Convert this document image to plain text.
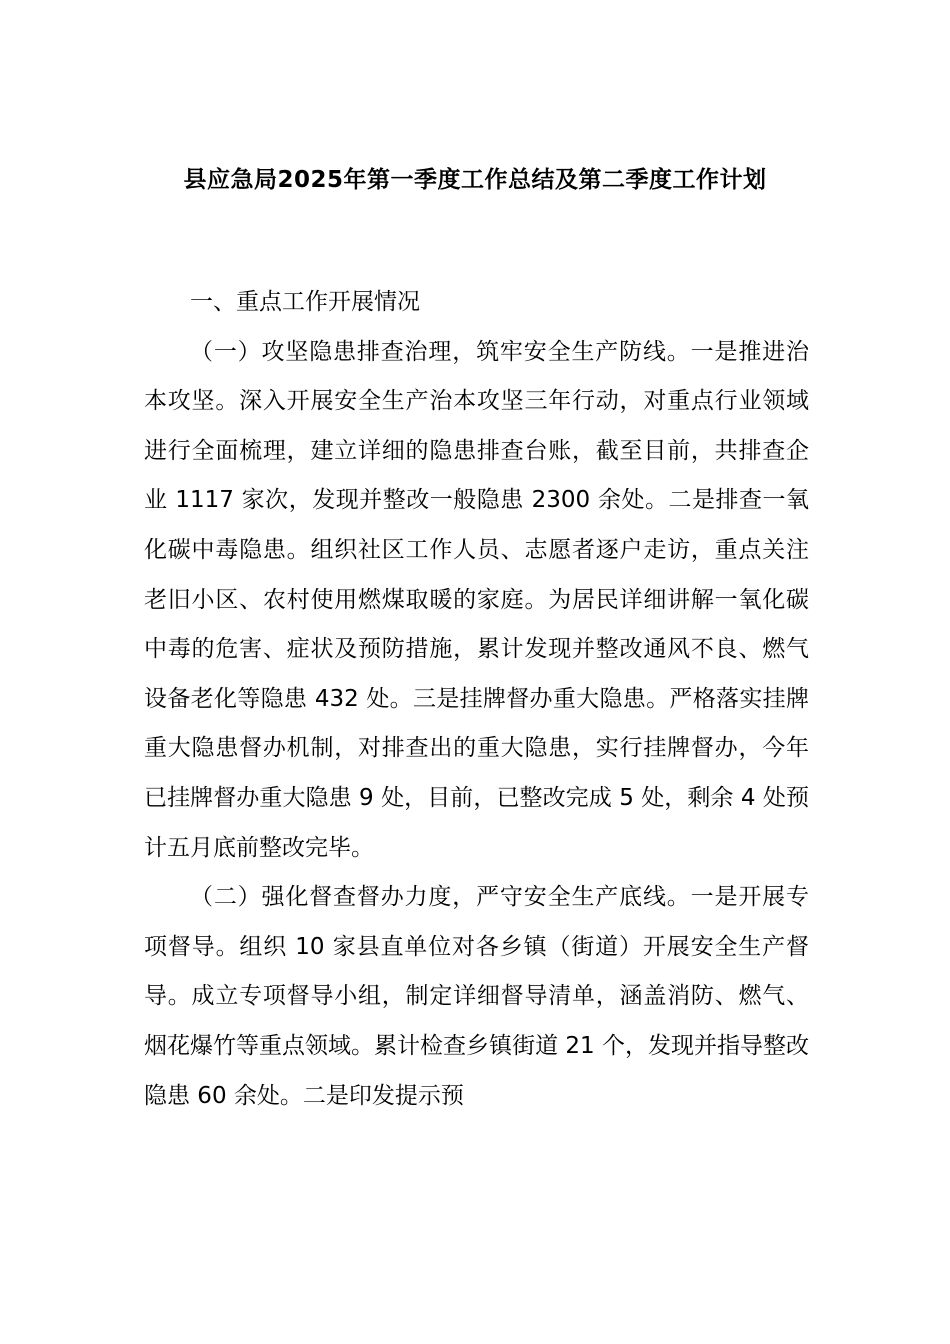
县应急局2025年第一季度工作总结及第二季度工作计划

一、重点工作开展情况

（一）攻坚隐患排查治理，筑牢安全生产防线。一是推进治本攻坚。深入开展安全生产治本攻坚三年行动，对重点行业领域进行全面梳理，建立详细的隐患排查台账，截至目前，共排查企业 1117 家次，发现并整改一般隐患 2300 余处。二是排查一氧化碳中毒隐患。组织社区工作人员、志愿者逐户走访，重点关注老旧小区、农村使用燃煤取暖的家庭。为居民详细讲解一氧化碳中毒的危害、症状及预防措施，累计发现并整改通风不良、燃气设备老化等隐患 432 处。三是挂牌督办重大隐患。严格落实挂牌重大隐患督办机制，对排查出的重大隐患，实行挂牌督办，今年已挂牌督办重大隐患 9 处，目前，已整改完成 5 处，剩余 4 处预计五月底前整改完毕。

（二）强化督查督办力度，严守安全生产底线。一是开展专项督导。组织 10 家县直单位对各乡镇（街道）开展安全生产督导。成立专项督导小组，制定详细督导清单，涵盖消防、燃气、烟花爆竹等重点领域。累计检查乡镇街道 21 个，发现并指导整改隐患 60 余处。二是印发提示预
